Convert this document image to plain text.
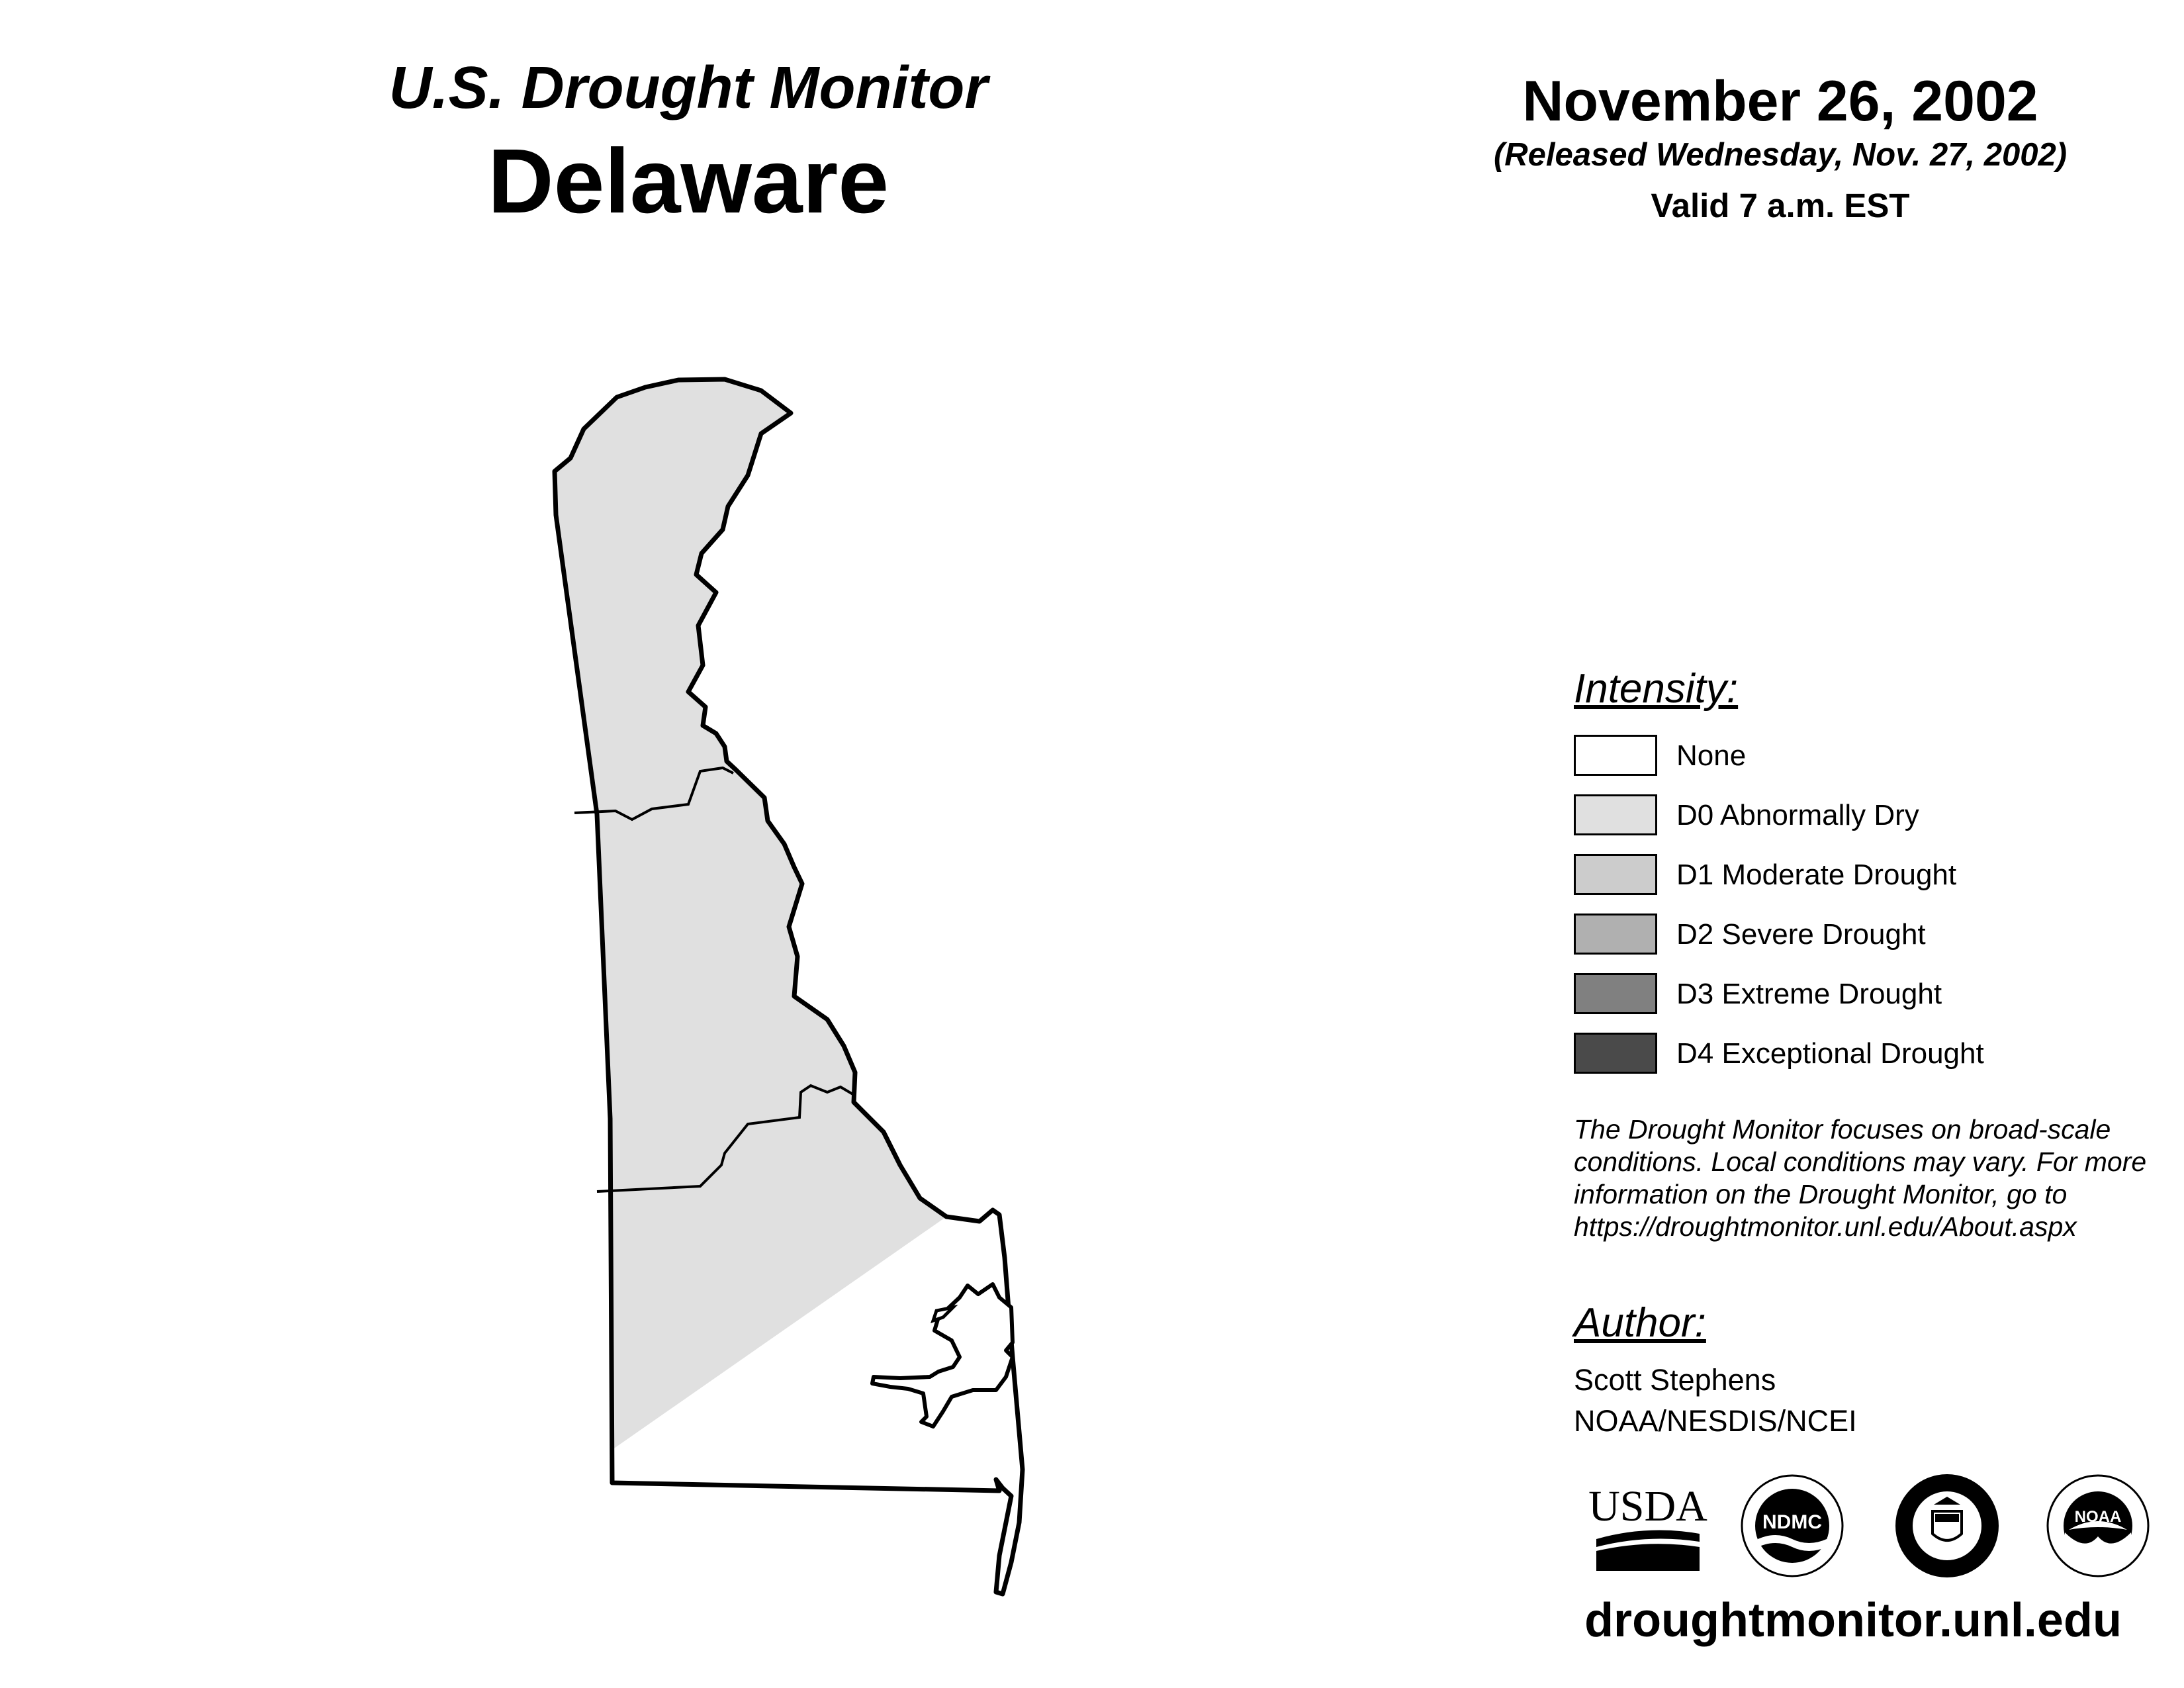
U.S. Drought Monitor
Delaware
November 26, 2002
(Released Wednesday, Nov. 27, 2002)
Valid 7 a.m. EST
Intensity:
None
D0 Abnormally Dry
D1 Moderate Drought
D2 Severe Drought
D3 Extreme Drought
D4 Exceptional Drought
The Drought Monitor focuses on broad-scale
conditions. Local conditions may vary. For more
information on the Drought Monitor, go to
https://droughtmonitor.unl.edu/About.aspx
Author:
Scott Stephens
NOAA/NESDIS/NCEI
USDA	NDMC	NOAA
droughtmonitor.unl.edu
